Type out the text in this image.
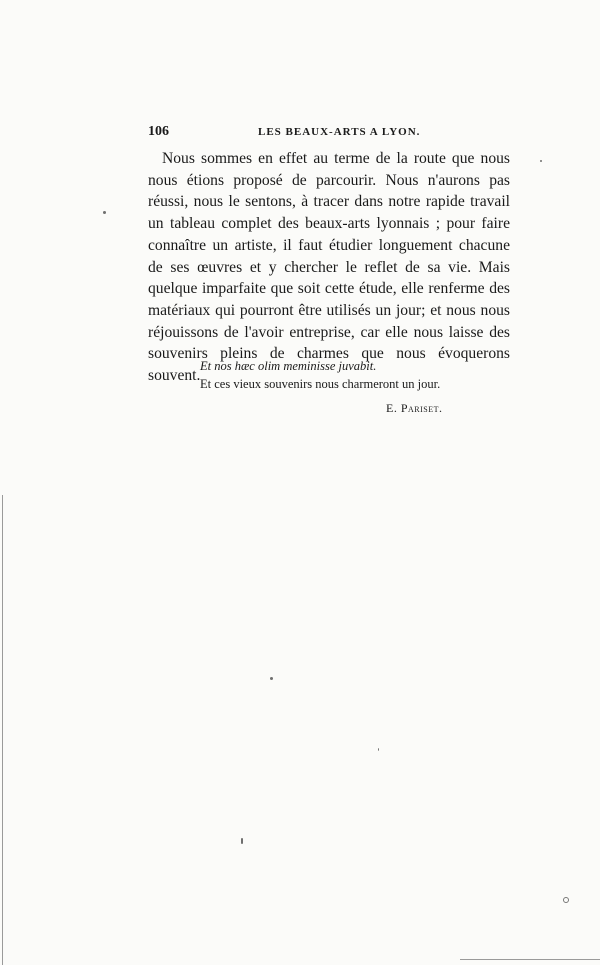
106	LES BEAUX-ARTS A LYON.

Nous sommes en effet au terme de la route que nous nous étions proposé de parcourir. Nous n'aurons pas réussi, nous le sentons, à tracer dans notre rapide travail un tableau complet des beaux-arts lyonnais ; pour faire connaître un artiste, il faut étudier longuement chacune de ses œuvres et y chercher le reflet de sa vie. Mais quelque imparfaite que soit cette étude, elle renferme des matériaux qui pourront être utilisés un jour; et nous nous réjouissons de l'avoir entreprise, car elle nous laisse des souvenirs pleins de charmes que nous évoquerons souvent.

Et nos hæc olim meminisse juvabit.
Et ces vieux souvenirs nous charmeront un jour.
E. Pariset.
